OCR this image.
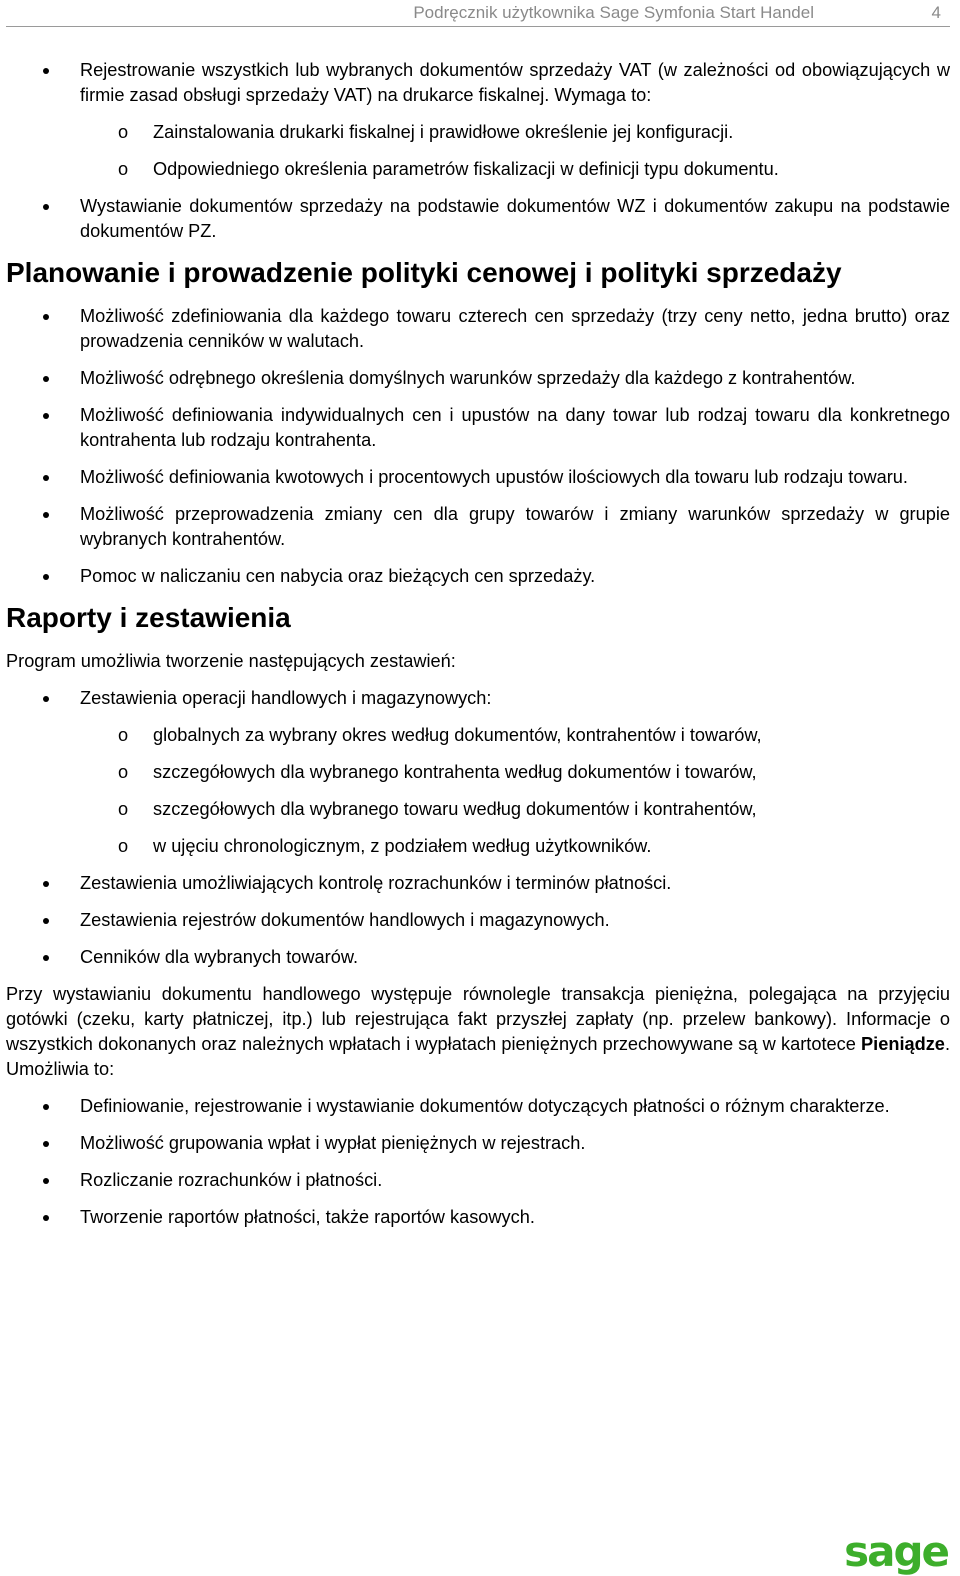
Podręcznik użytkownika Sage Symfonia Start Handel	4
Rejestrowanie wszystkich lub wybranych dokumentów sprzedaży VAT (w zależności od obowiązujących w firmie zasad obsługi sprzedaży VAT) na drukarce fiskalnej. Wymaga to:
o Zainstalowania drukarki fiskalnej i prawidłowe określenie jej konfiguracji.
o Odpowiedniego określenia parametrów fiskalizacji w definicji typu dokumentu.
Wystawianie dokumentów sprzedaży na podstawie dokumentów WZ i dokumentów zakupu na podstawie dokumentów PZ.
Planowanie i prowadzenie polityki cenowej i polityki sprzedaży
Możliwość zdefiniowania dla każdego towaru czterech cen sprzedaży (trzy ceny netto, jedna brutto) oraz prowadzenia cenników w walutach.
Możliwość odrębnego określenia domyślnych warunków sprzedaży dla każdego z kontrahentów.
Możliwość definiowania indywidualnych cen i upustów na dany towar lub rodzaj towaru dla konkretnego kontrahenta lub rodzaju kontrahenta.
Możliwość definiowania kwotowych i procentowych upustów ilościowych dla towaru lub rodzaju towaru.
Możliwość przeprowadzenia zmiany cen dla grupy towarów i zmiany warunków sprzedaży w grupie wybranych kontrahentów.
Pomoc w naliczaniu cen nabycia oraz bieżących cen sprzedaży.
Raporty i zestawienia

Program umożliwia tworzenie następujących zestawień:

Zestawienia operacji handlowych i magazynowych:
o globalnych za wybrany okres według dokumentów, kontrahentów i towarów,
o szczegółowych dla wybranego kontrahenta według dokumentów i towarów,
o szczegółowych dla wybranego towaru według dokumentów i kontrahentów,
o w ujęciu chronologicznym, z podziałem według użytkowników.
Zestawienia umożliwiających kontrolę rozrachunków i terminów płatności.
Zestawienia rejestrów dokumentów handlowych i magazynowych.
Cenników dla wybranych towarów.

Przy wystawianiu dokumentu handlowego występuje równolegle transakcja pieniężna, polegająca na przyjęciu gotówki (czeku, karty płatniczej, itp.) lub rejestrująca fakt przyszłej zapłaty (np. przelew bankowy). Informacje o wszystkich dokonanych oraz należnych wpłatach i wypłatach pieniężnych przechowywane są w kartotece Pieniądze. Umożliwia to:

Definiowanie, rejestrowanie i wystawianie dokumentów dotyczących płatności o różnym charakterze.
Możliwość grupowania wpłat i wypłat pieniężnych w rejestrach.
Rozliczanie rozrachunków i płatności.
Tworzenie raportów płatności, także raportów kasowych.
sage
